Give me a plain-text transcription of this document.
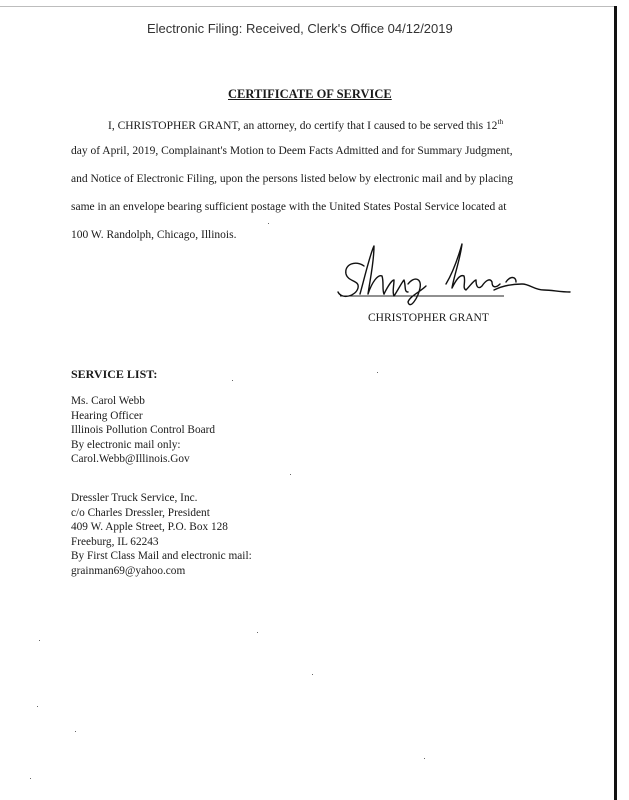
Electronic Filing: Received, Clerk's Office 04/12/2019
CERTIFICATE OF SERVICE
I, CHRISTOPHER GRANT, an attorney, do certify that I caused to be served this 12th
day of April, 2019, Complainant's Motion to Deem Facts Admitted and for Summary Judgment,
and Notice of Electronic Filing, upon the persons listed below by electronic mail and by placing
same in an envelope bearing sufficient postage with the United States Postal Service located at
100 W. Randolph, Chicago, Illinois.
CHRISTOPHER GRANT
SERVICE LIST:
Ms. Carol Webb
Hearing Officer
Illinois Pollution Control Board
By electronic mail only:
Carol.Webb@Illinois.Gov
Dressler Truck Service, Inc.
c/o Charles Dressler, President
409 W. Apple Street, P.O. Box 128
Freeburg, IL 62243
By First Class Mail and electronic mail:
grainman69@yahoo.com
